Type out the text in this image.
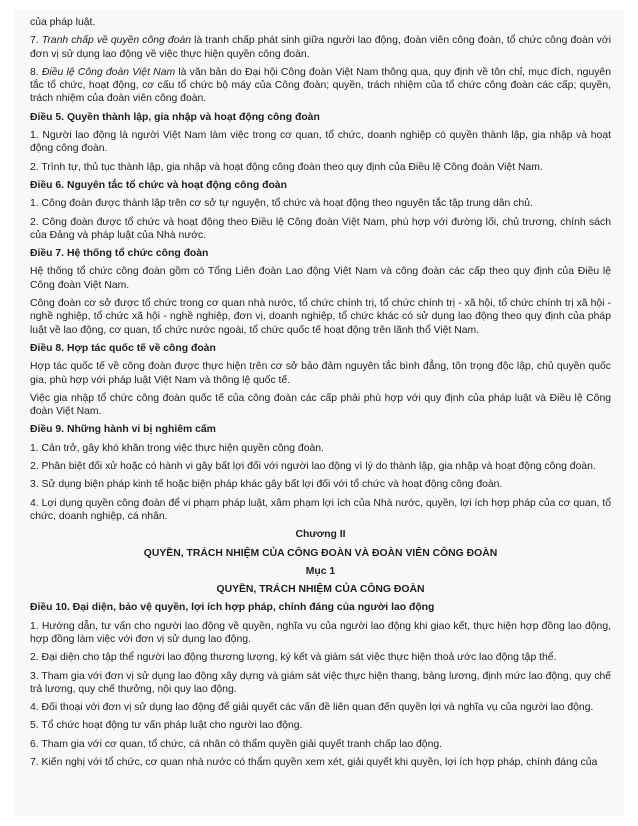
của pháp luật.

7. Tranh chấp về quyền công đoàn là tranh chấp phát sinh giữa người lao động, đoàn viên công đoàn, tổ chức công đoàn với đơn vị sử dụng lao động về việc thực hiện quyền công đoàn.

8. Điều lệ Công đoàn Việt Nam là văn bản do Đại hội Công đoàn Việt Nam thông qua, quy định về tôn chỉ, mục đích, nguyên tắc tổ chức, hoạt động, cơ cấu tổ chức bộ máy của Công đoàn; quyền, trách nhiệm của tổ chức công đoàn các cấp; quyền, trách nhiệm của đoàn viên công đoàn.

Điều 5. Quyền thành lập, gia nhập và hoạt động công đoàn

1. Người lao động là người Việt Nam làm việc trong cơ quan, tổ chức, doanh nghiệp có quyền thành lập, gia nhập và hoạt động công đoàn.

2. Trình tự, thủ tục thành lập, gia nhập và hoạt động công đoàn theo quy định của Điều lệ Công đoàn Việt Nam.

Điều 6. Nguyên tắc tổ chức và hoạt động công đoàn

1. Công đoàn được thành lập trên cơ sở tự nguyện, tổ chức và hoạt động theo nguyên tắc tập trung dân chủ.

2. Công đoàn được tổ chức và hoạt động theo Điều lệ Công đoàn Việt Nam, phù hợp với đường lối, chủ trương, chính sách của Đảng và pháp luật của Nhà nước.

Điều 7. Hệ thống tổ chức công đoàn

Hệ thống tổ chức công đoàn gồm có Tổng Liên đoàn Lao động Việt Nam và công đoàn các cấp theo quy định của Điều lệ Công đoàn Việt Nam.

Công đoàn cơ sở được tổ chức trong cơ quan nhà nước, tổ chức chính trị, tổ chức chính trị - xã hội, tổ chức chính trị xã hội - nghề nghiệp, tổ chức xã hội - nghề nghiệp, đơn vị, doanh nghiệp, tổ chức khác có sử dụng lao động theo quy định của pháp luật về lao động, cơ quan, tổ chức nước ngoài, tổ chức quốc tế hoạt động trên lãnh thổ Việt Nam.

Điều 8. Hợp tác quốc tế về công đoàn

Hợp tác quốc tế về công đoàn được thực hiện trên cơ sở bảo đảm nguyên tắc bình đẳng, tôn trọng độc lập, chủ quyền quốc gia, phù hợp với pháp luật Việt Nam và thông lệ quốc tế.

Việc gia nhập tổ chức công đoàn quốc tế của công đoàn các cấp phải phù hợp với quy định của pháp luật và Điều lệ Công đoàn Việt Nam.

Điều 9. Những hành vi bị nghiêm cấm

1. Cản trở, gây khó khăn trong việc thực hiện quyền công đoàn.

2. Phân biệt đối xử hoặc có hành vi gây bất lợi đối với người lao động vì lý do thành lập, gia nhập và hoạt động công đoàn.

3. Sử dụng biện pháp kinh tế hoặc biện pháp khác gây bất lợi đối với tổ chức và hoạt động công đoàn.

4. Lợi dụng quyền công đoàn để vi phạm pháp luật, xâm phạm lợi ích của Nhà nước, quyền, lợi ích hợp pháp của cơ quan, tổ chức, doanh nghiệp, cá nhân.

Chương II

QUYỀN, TRÁCH NHIỆM CỦA CÔNG ĐOÀN VÀ ĐOÀN VIÊN CÔNG ĐOÀN

Mục 1

QUYỀN, TRÁCH NHIỆM CỦA CÔNG ĐOÀN

Điều 10. Đại diện, bảo vệ quyền, lợi ích hợp pháp, chính đáng của người lao động

1. Hướng dẫn, tư vấn cho người lao động về quyền, nghĩa vụ của người lao động khi giao kết, thực hiện hợp đồng lao động, hợp đồng làm việc với đơn vị sử dụng lao động.

2. Đại diện cho tập thể người lao động thương lượng, ký kết và giám sát việc thực hiện thoả ước lao động tập thể.

3. Tham gia với đơn vị sử dụng lao động xây dựng và giám sát việc thực hiện thang, bảng lương, định mức lao động, quy chế trả lương, quy chế thưởng, nội quy lao động.

4. Đối thoại với đơn vị sử dụng lao động để giải quyết các vấn đề liên quan đến quyền lợi và nghĩa vụ của người lao động.

5. Tổ chức hoạt động tư vấn pháp luật cho người lao động.

6. Tham gia với cơ quan, tổ chức, cá nhân có thẩm quyền giải quyết tranh chấp lao động.

7. Kiến nghị với tổ chức, cơ quan nhà nước có thẩm quyền xem xét, giải quyết khi quyền, lợi ích hợp pháp, chính đáng của
